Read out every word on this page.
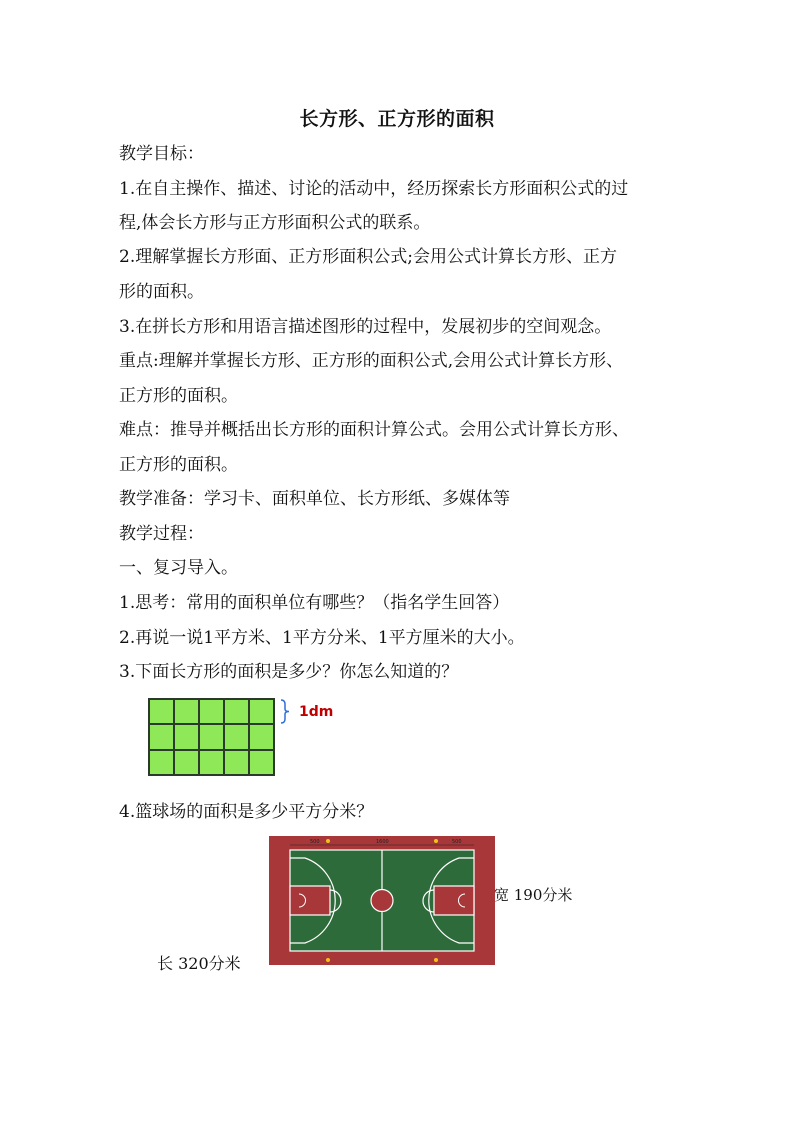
长方形、正方形的面积
教学目标：
1.在自主操作、描述、讨论的活动中，经历探索长方形面积公式的过
程,体会长方形与正方形面积公式的联系。
2.理解掌握长方形面、正方形面积公式;会用公式计算长方形、正方
形的面积。
3.在拼长方形和用语言描述图形的过程中，发展初步的空间观念。
重点:理解并掌握长方形、正方形的面积公式,会用公式计算长方形、
正方形的面积。
难点：推导并概括出长方形的面积计算公式。会用公式计算长方形、
正方形的面积。
教学准备：学习卡、面积单位、长方形纸、多媒体等
教学过程：
一、复习导入。
1.思考：常用的面积单位有哪些？（指名学生回答）
2.再说一说1平方米、1平方分米、1平方厘米的大小。
3.下面长方形的面积是多少？你怎么知道的？
1dm
4.篮球场的面积是多少平方分米？
500	1600	500
宽 190分米
长 320分米
